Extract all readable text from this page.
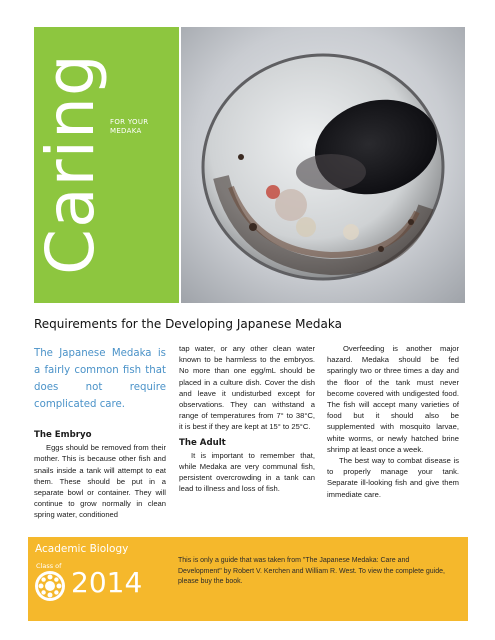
Caring FOR YOUR
MEDAKA
Requirements for the Developing Japanese Medaka
The Japanese Medaka is a fairly common fish that does not require complicated care.
The Embryo

Eggs should be removed from their mother. This is because other fish and snails inside a tank will attempt to eat them. These should be put in a separate bowl or container. They will continue to grow normally in clean spring water, conditioned

tap water, or any other clean water known to be harmless to the embryos. No more than one egg/mL should be placed in a culture dish. Cover the dish and leave it undisturbed except for observations. They can withstand a range of temperatures from 7° to 38°C, it is best if they are kept at 15° to 25°C.

The Adult

It is important to remember that, while Medaka are very communal fish, persistent overcrowding in a tank can lead to illness and loss of fish.

Overfeeding is another major hazard. Medaka should be fed sparingly two or three times a day and the floor of the tank must never become covered with undigested food. The fish will accept many varieties of food but it should also be supplemented with mosquito larvae, white worms, or newly hatched brine shrimp at least once a week.

The best way to combat disease is to properly manage your tank. Separate ill-looking fish and give them immediate care.

Academic Biology
Class of 2014
This is only a guide that was taken from "The Japanese Medaka: Care and Development" by Robert V. Kerchen and William R. West. To view the complete guide, please buy the book.
